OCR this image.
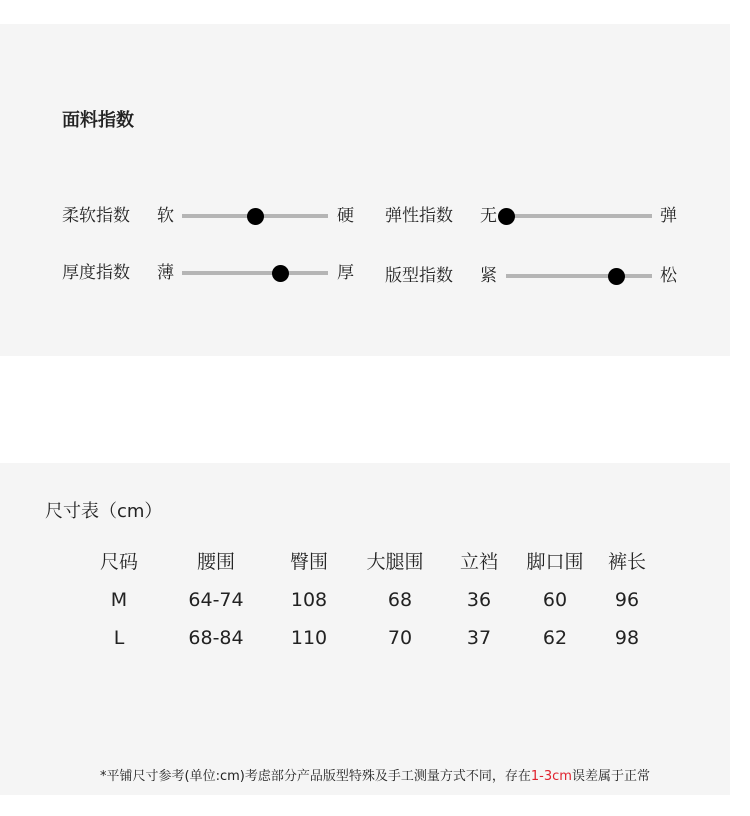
面料指数
柔软指数 软	硬 弹性指数 无	弹
厚度指数 薄	厚 版型指数 紧	松
尺寸表（cm）
尺码	腰围	臀围 大腿围 立裆 脚口围 裤长
M	64-74 108	68	36	60	96
L	68-84 110	70	37	62	98
*平铺尺寸参考(单位:cm)考虑部分产品版型特殊及手工测量方式不同，存在1-3cm误差属于正常
